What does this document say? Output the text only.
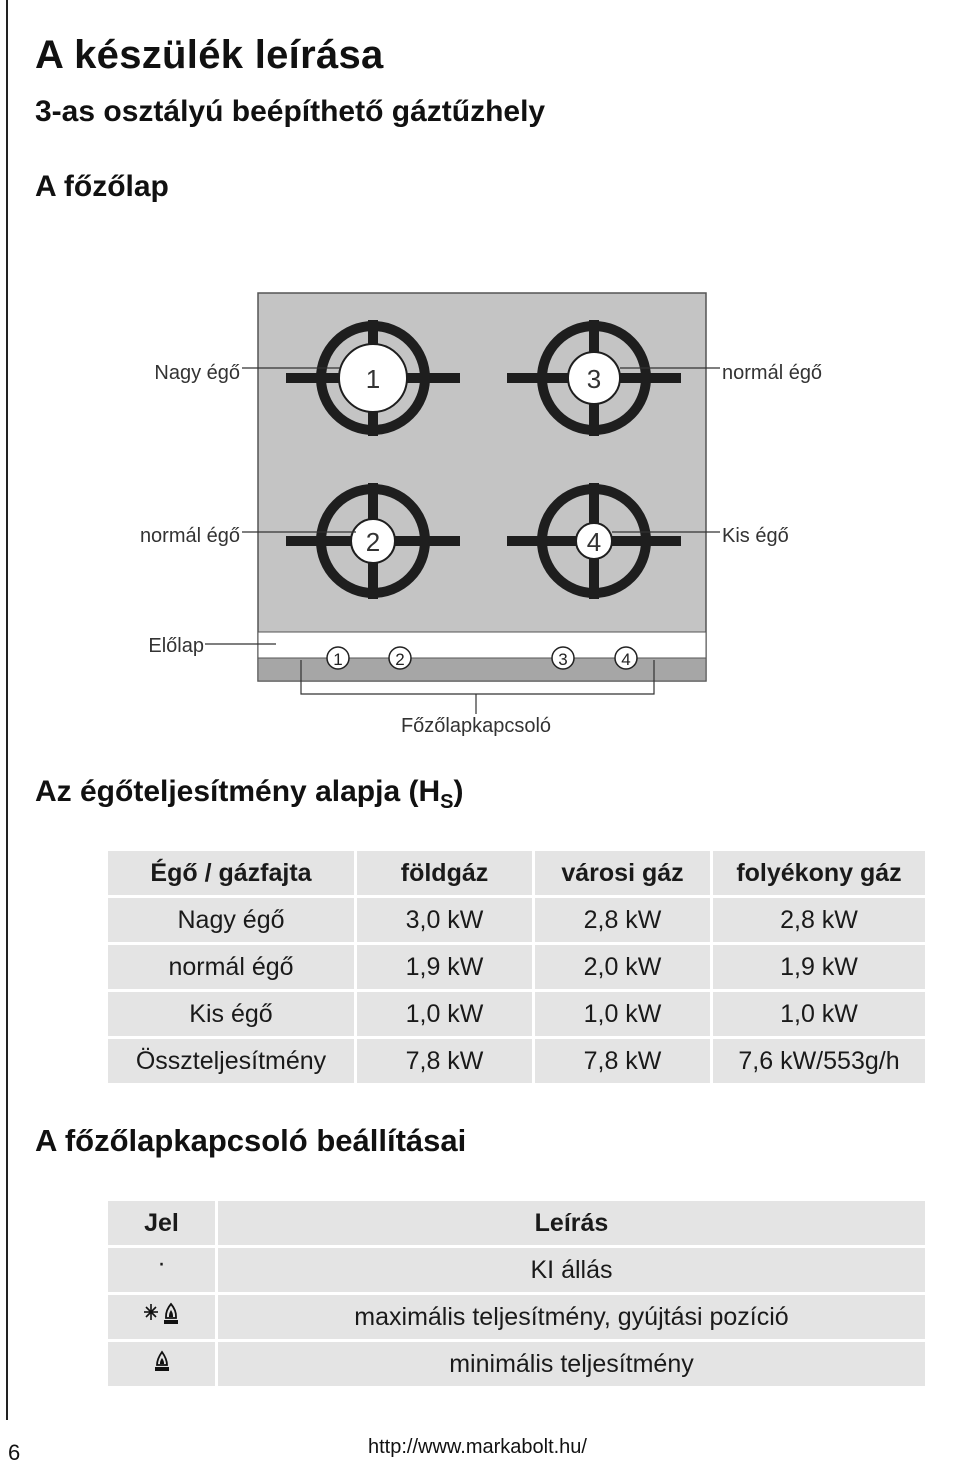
A készülék leírása
3-as osztályú beépíthető gáztűzhely
A főzőlap
1	3
2	4
Nagy égő	normál égő
normál égő	Kis égő
Előlap
1	2	3	4
Főzőlapkapcsoló
Az égőteljesítmény alapja $(H_S)$
Égő / gázfajta	földgáz	városi gáz	folyékony gáz
Nagy égő	3,0 kW	2,8 kW	2,8 kW
normál égő	1,9 kW	2,0 kW	1,9 kW
Kis égő	1,0 kW	1,0 kW	1,0 kW
Összteljesítmény	7,8 kW	7,8 kW	7,6 kW/553g/h
A főzőlapkapcsoló beállításai
Jel	Leírás
·	KI állás
	maximális teljesítmény, gyújtási pozíció
	minimális teljesítmény
6	http://www.markabolt.hu/
